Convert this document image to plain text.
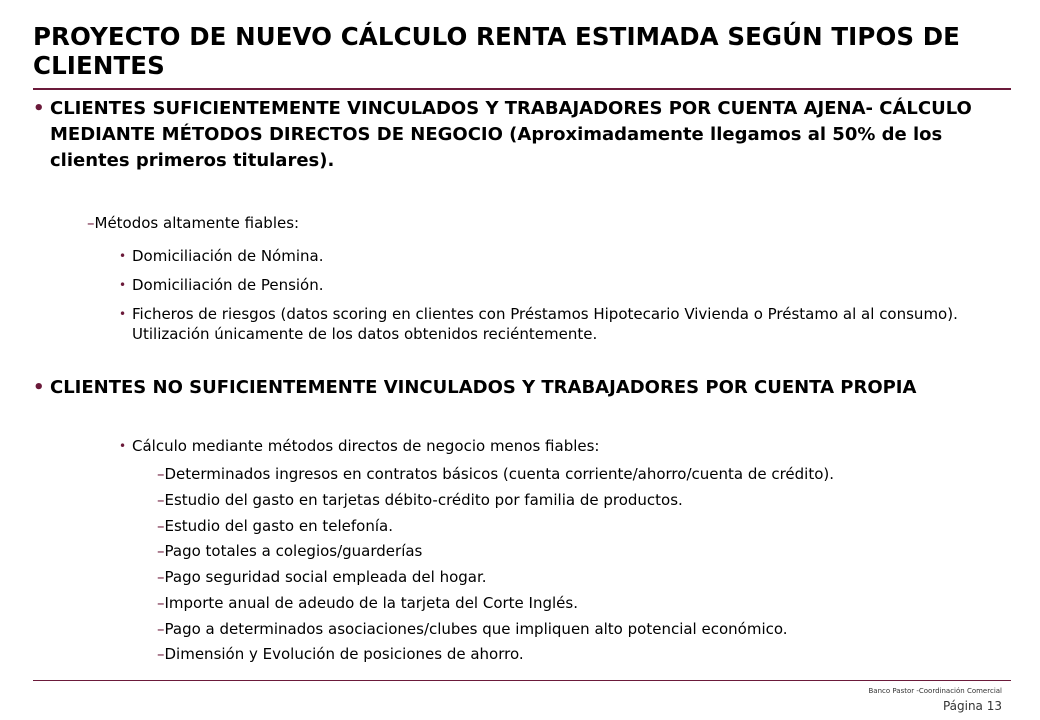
PROYECTO DE NUEVO CÁLCULO RENTA ESTIMADA SEGÚN TIPOS DE CLIENTES
• CLIENTES SUFICIENTEMENTE VINCULADOS Y TRABAJADORES POR CUENTA AJENA- CÁLCULO MEDIANTE MÉTODOS DIRECTOS DE NEGOCIO (Aproximadamente llegamos al 50% de los clientes primeros titulares).
–Métodos altamente fiables:
• Domiciliación de Nómina.
• Domiciliación de Pensión.
• Ficheros de riesgos (datos scoring en clientes con Préstamos Hipotecario Vivienda o Préstamo al al consumo). Utilización únicamente de los datos obtenidos reciéntemente.
• CLIENTES NO SUFICIENTEMENTE VINCULADOS Y TRABAJADORES POR CUENTA PROPIA
• Cálculo mediante métodos directos de negocio menos fiables:
–Determinados ingresos en contratos básicos (cuenta corriente/ahorro/cuenta de crédito).
–Estudio del gasto en tarjetas débito-crédito por familia de productos.
–Estudio del gasto en telefonía.
–Pago totales a colegios/guarderías
–Pago seguridad social empleada del hogar.
–Importe anual de adeudo de la tarjeta del Corte Inglés.
–Pago a determinados asociaciones/clubes que impliquen alto potencial económico.
–Dimensión y Evolución de posiciones de ahorro.
Banco Pastor -Coordinación Comercial
Página 13
